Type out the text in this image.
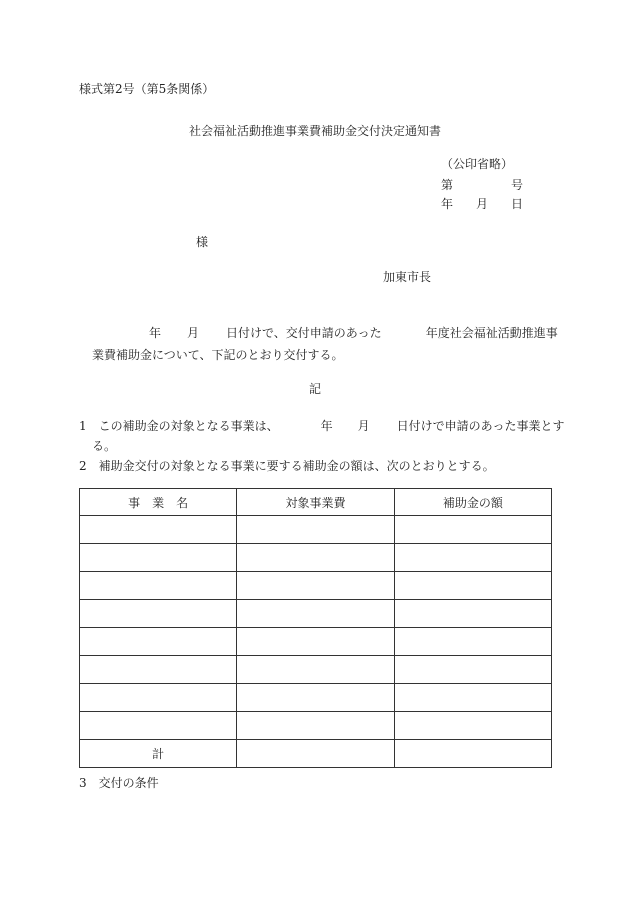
様式第2号（第5条関係）
社会福祉活動推進事業費補助金交付決定通知書
（公印省略）
第	号
年 月 日
様
加東市長
年 月 日付けで、交付申請のあった	年度社会福祉活動推進事
業費補助金について、下記のとおり交付する。
記
1　この補助金の対象となる事業は、	年 月 日付けで申請のあった事業とす
る。
2　補助金交付の対象となる事業に要する補助金の額は、次のとおりとする。
事　業　名	対象事業費	補助金の額

計		
3　交付の条件
